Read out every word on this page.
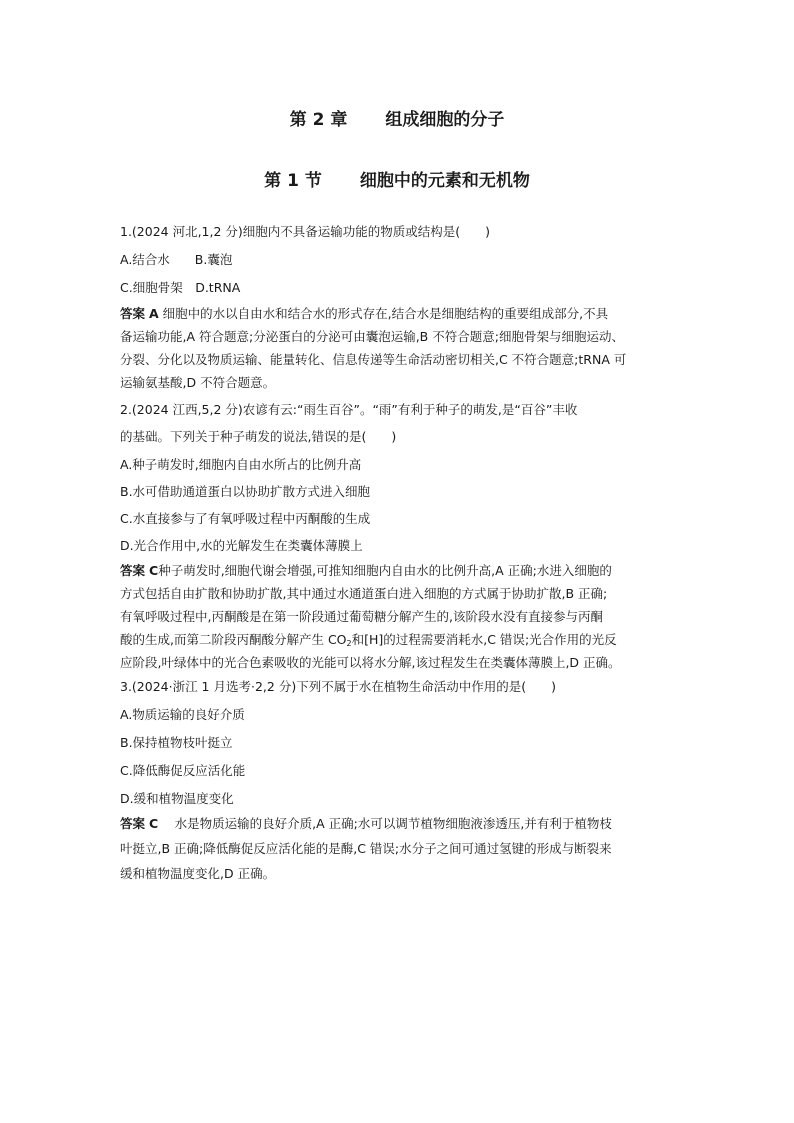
第 2 章 组成细胞的分子
第 1 节 细胞中的元素和无机物
1.(2024 河北,1,2 分)细胞内不具备运输功能的物质或结构是(　　)
A.结合水　　B.囊泡
C.细胞骨架　D.tRNA
答案 A 细胞中的水以自由水和结合水的形式存在,结合水是细胞结构的重要组成部分,不具
备运输功能,A 符合题意;分泌蛋白的分泌可由囊泡运输,B 不符合题意;细胞骨架与细胞运动、
分裂、分化以及物质运输、能量转化、信息传递等生命活动密切相关,C 不符合题意;tRNA 可
运输氨基酸,D 不符合题意。
2.(2024 江西,5,2 分)农谚有云:“雨生百谷”。“雨”有利于种子的萌发,是“百谷”丰收
的基础。下列关于种子萌发的说法,错误的是(　　)
A.种子萌发时,细胞内自由水所占的比例升高
B.水可借助通道蛋白以协助扩散方式进入细胞
C.水直接参与了有氧呼吸过程中丙酮酸的生成
D.光合作用中,水的光解发生在类囊体薄膜上
答案 C种子萌发时,细胞代谢会增强,可推知细胞内自由水的比例升高,A 正确;水进入细胞的
方式包括自由扩散和协助扩散,其中通过水通道蛋白进入细胞的方式属于协助扩散,B 正确;
有氧呼吸过程中,丙酮酸是在第一阶段通过葡萄糖分解产生的,该阶段水没有直接参与丙酮
酸的生成,而第二阶段丙酮酸分解产生 $CO_2$和[H]的过程需要消耗水,C 错误;光合作用的光反
应阶段,叶绿体中的光合色素吸收的光能可以将水分解,该过程发生在类囊体薄膜上,D 正确。
3.(2024·浙江 1 月选考·2,2 分)下列不属于水在植物生命活动中作用的是(　　)
A.物质运输的良好介质
B.保持植物枝叶挺立
C.降低酶促反应活化能
D.缓和植物温度变化
答案 C 　水是物质运输的良好介质,A 正确;水可以调节植物细胞液渗透压,并有利于植物枝
叶挺立,B 正确;降低酶促反应活化能的是酶,C 错误;水分子之间可通过氢键的形成与断裂来
缓和植物温度变化,D 正确。
